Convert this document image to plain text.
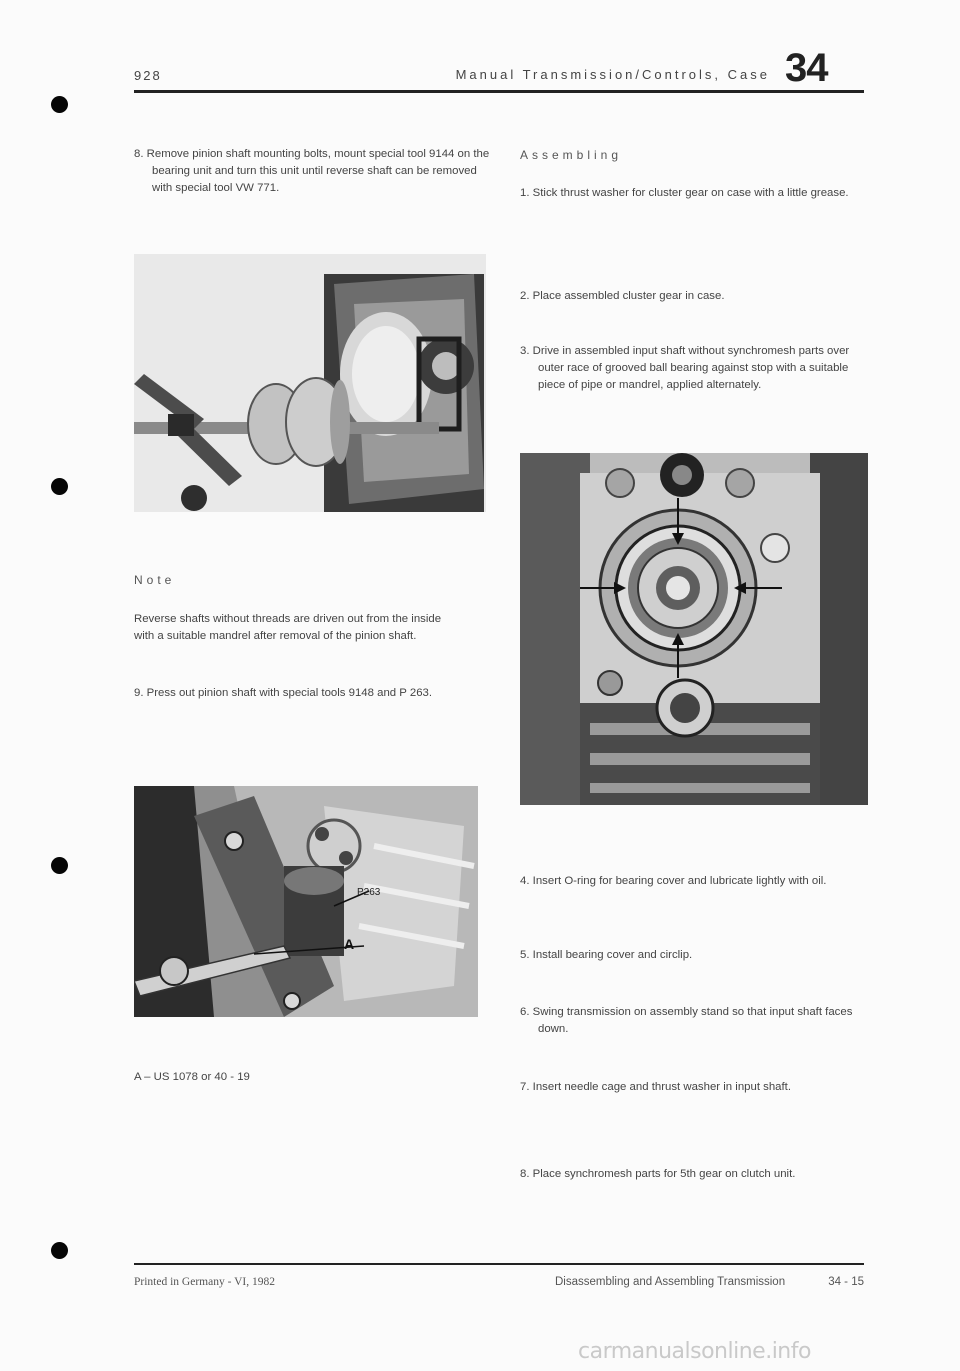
928	Manual Transmission/Controls, Case 34
8. Remove pinion shaft mounting bolts, mount special tool 9144 on the bearing unit and turn this unit until reverse shaft can be removed with special tool VW 771.
Note
Reverse shafts without threads are driven out from the inside with a suitable mandrel after removal of the pinion shaft.
9. Press out pinion shaft with special tools 9148 and P 263.
P263
A
A – US 1078 or 40 - 19
Assembling
1. Stick thrust washer for cluster gear on case with a little grease.
2. Place assembled cluster gear in case.
3. Drive in assembled input shaft without synchromesh parts over outer race of grooved ball bearing against stop with a suitable piece of pipe or mandrel, applied alternately.
4. Insert O-ring for bearing cover and lubricate lightly with oil.
5. Install bearing cover and circlip.
6. Swing transmission on assembly stand so that input shaft faces down.
7. Insert needle cage and thrust washer in input shaft.
8. Place synchromesh parts for 5th gear on clutch unit.
Printed in Germany - VI, 1982	Disassembling and Assembling Transmission	34 - 15
carmanualsonline.info
